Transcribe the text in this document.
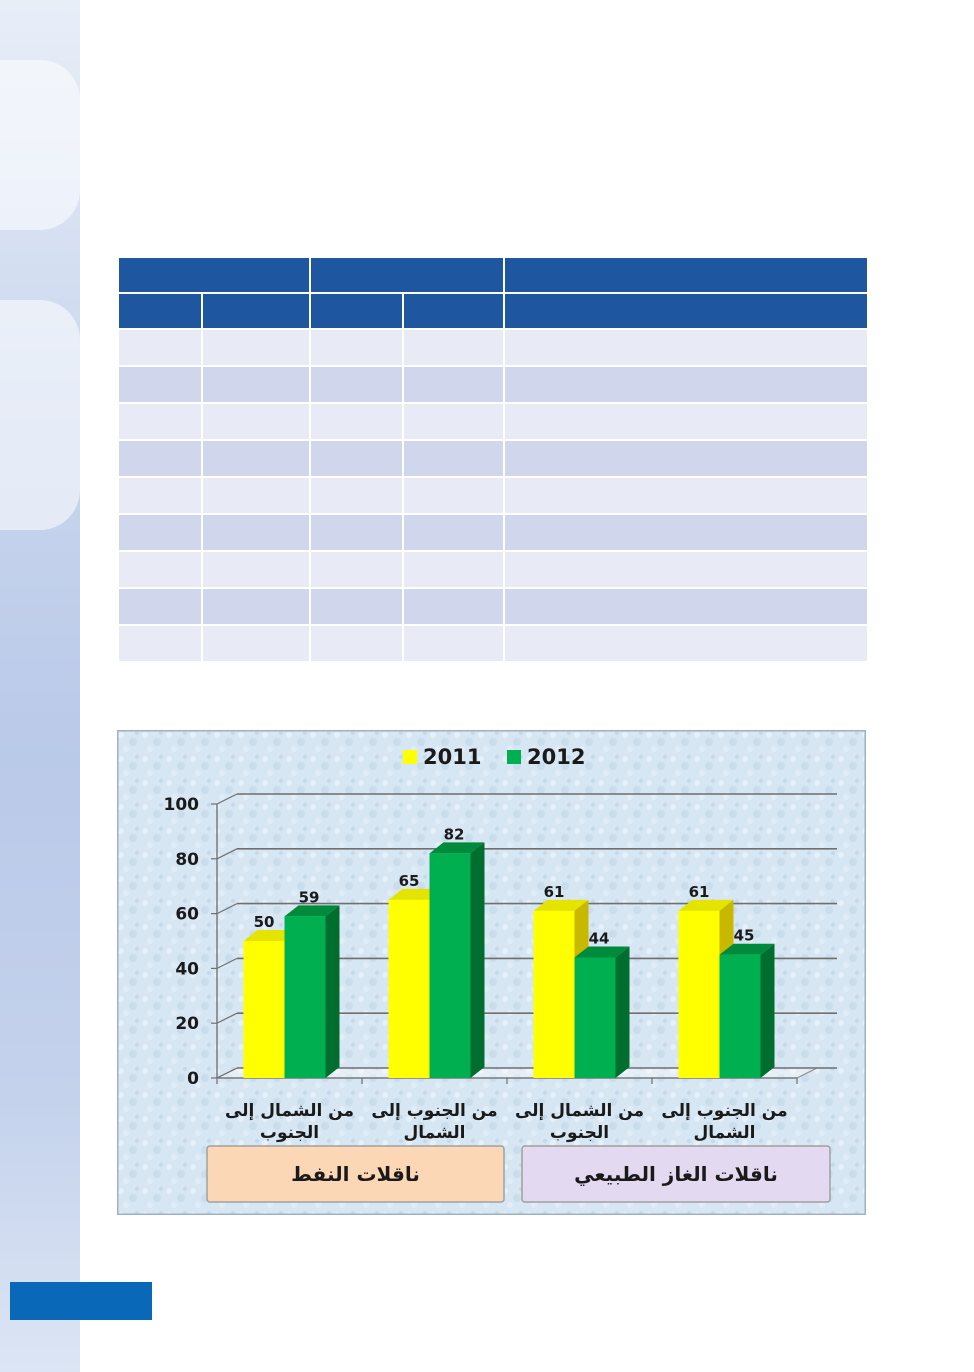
0
20
40
60
80
100
50
59
من الشمال إلى
الجنوب
65
82
من الجنوب إلى
الشمال
61
44
من الشمال إلى
الجنوب
61
45
من الجنوب إلى
الشمال
2011 2012
ناقلات النفط	ناقلات الغاز الطبيعي
